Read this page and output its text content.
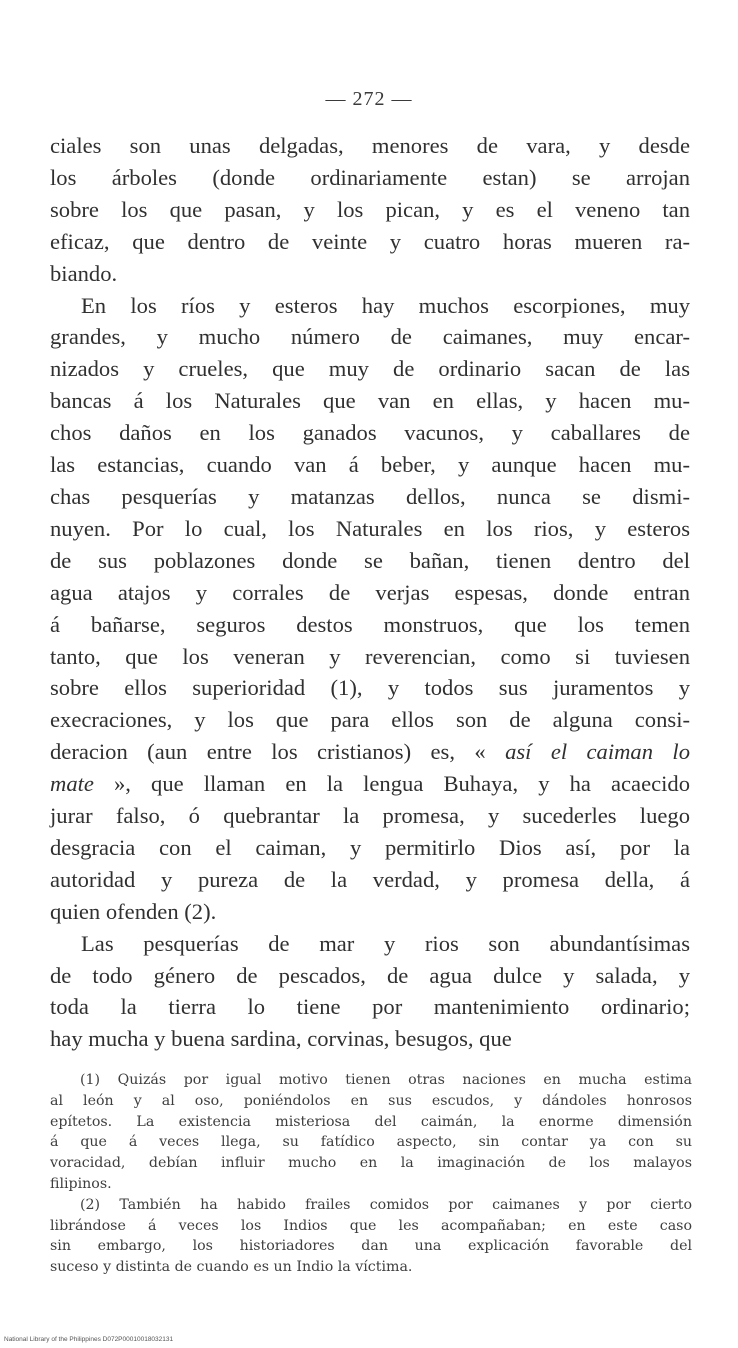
— 272 —

ciales son unas delgadas, menores de vara, y desde
los árboles (donde ordinariamente estan) se arrojan
sobre los que pasan, y los pican, y es el veneno tan
eficaz, que dentro de veinte y cuatro horas mueren ra-
biando.

En los ríos y esteros hay muchos escorpiones, muy
grandes, y mucho número de caimanes, muy encar-
nizados y crueles, que muy de ordinario sacan de las
bancas á los Naturales que van en ellas, y hacen mu-
chos daños en los ganados vacunos, y caballares de
las estancias, cuando van á beber, y aunque hacen mu-
chas pesquerías y matanzas dellos, nunca se dismi-
nuyen. Por lo cual, los Naturales en los rios, y esteros
de sus poblazones donde se bañan, tienen dentro del
agua atajos y corrales de verjas espesas, donde entran
á bañarse, seguros destos monstruos, que los temen
tanto, que los veneran y reverencian, como si tuviesen
sobre ellos superioridad (1), y todos sus juramentos y
execraciones, y los que para ellos son de alguna consi-
deracion (aun entre los cristianos) es, « así el caiman lo
mate », que llaman en la lengua Buhaya, y ha acaecido
jurar falso, ó quebrantar la promesa, y sucederles luego
desgracia con el caiman, y permitirlo Dios así, por la
autoridad y pureza de la verdad, y promesa della, á
quien ofenden (2).

Las pesquerías de mar y rios son abundantísimas
de todo género de pescados, de agua dulce y salada, y
toda la tierra lo tiene por mantenimiento ordinario;
hay mucha y buena sardina, corvinas, besugos, que

(1) Quizás por igual motivo tienen otras naciones en mucha estima
al león y al oso, poniéndolos en sus escudos, y dándoles honrosos
epítetos. La existencia misteriosa del caimán, la enorme dimensión
á que á veces llega, su fatídico aspecto, sin contar ya con su
voracidad, debían influir mucho en la imaginación de los malayos
filipinos.
(2) También ha habido frailes comidos por caimanes y por cierto
librándose á veces los Indios que les acompañaban; en este caso
sin embargo, los historiadores dan una explicación favorable del
suceso y distinta de cuando es un Indio la víctima.
National Library of the Philippines D072P00010018032131
